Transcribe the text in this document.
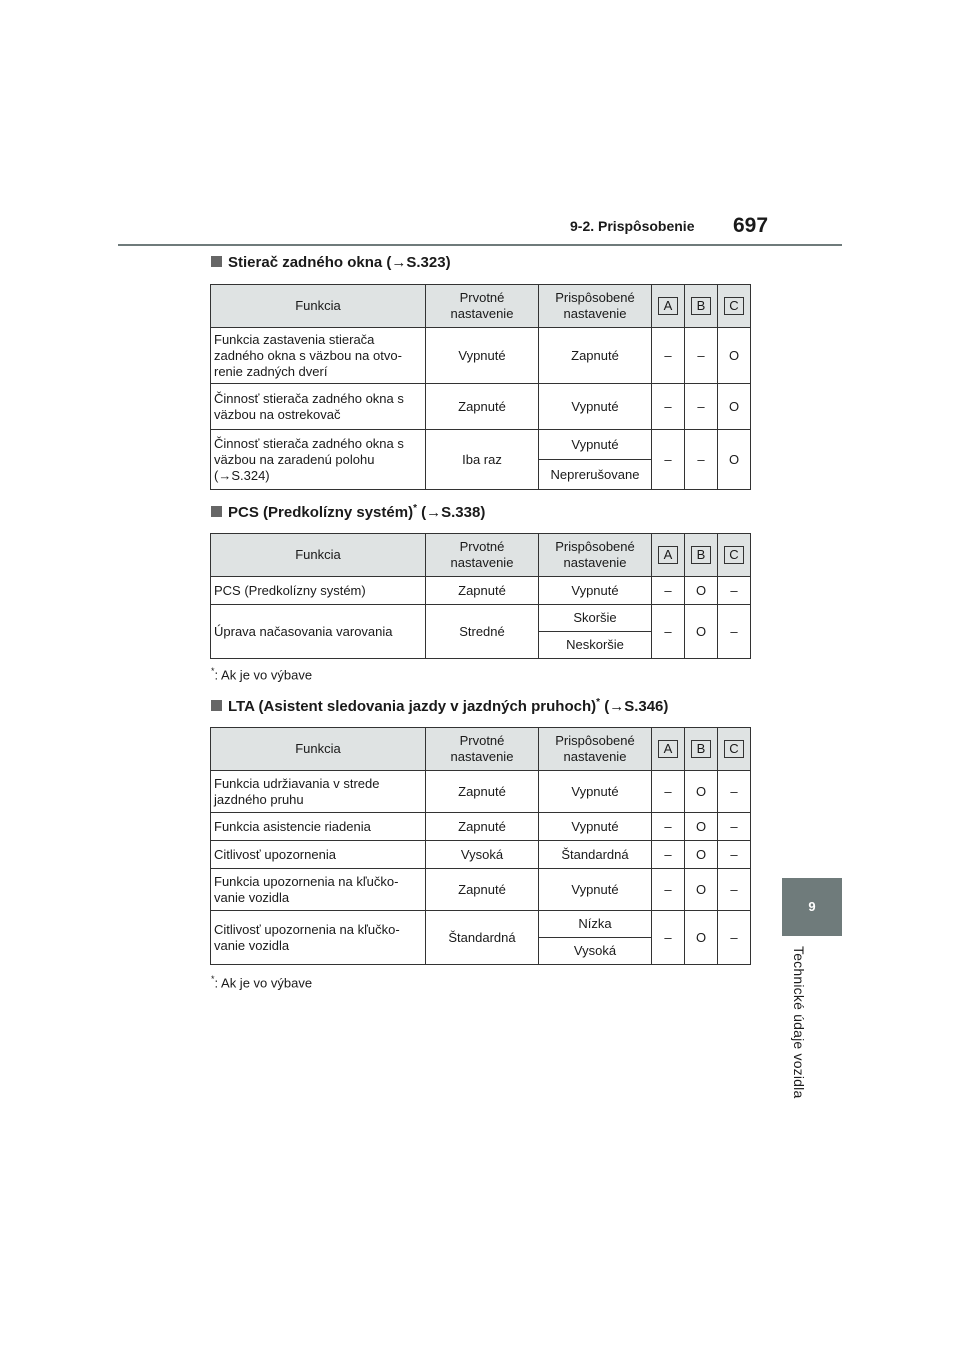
9-2. Prispôsobenie 697
9
Technické údaje vozidla
Stierač zadného okna (→S.323)
Funkcia	Prvotné nastavenie	Prispôsobené nastavenie	A	B	C
Funkcia zastavenia stierača zadného okna s väzbou na otvo-renie zadných dverí	Vypnuté	Zapnuté	–	–	O
Činnosť stierača zadného okna s väzbou na ostrekovač	Zapnuté	Vypnuté	–	–	O
Činnosť stierača zadného okna s väzbou na zaradenú polohu (→S.324)	Iba raz	Vypnuté	–	–	O
		Neprerušovane			
PCS (Predkolízny systém)* (→S.338)
Funkcia	Prvotné nastavenie	Prispôsobené nastavenie	A	B	C
PCS (Predkolízny systém)	Zapnuté	Vypnuté	–	O	–
Úprava načasovania varovania	Stredné	Skoršie	–	O	–
		Neskoršie			
*: Ak je vo výbave
LTA (Asistent sledovania jazdy v jazdných pruhoch)* (→S.346)
Funkcia	Prvotné nastavenie	Prispôsobené nastavenie	A	B	C
Funkcia udržiavania v strede jazdného pruhu	Zapnuté	Vypnuté	–	O	–
Funkcia asistencie riadenia	Zapnuté	Vypnuté	–	O	–
Citlivosť upozornenia	Vysoká	Štandardná	–	O	–
Funkcia upozornenia na kľučko-vanie vozidla	Zapnuté	Vypnuté	–	O	–
Citlivosť upozornenia na kľučko-vanie vozidla	Štandardná	Nízka	–	O	–
		Vysoká			
*: Ak je vo výbave
